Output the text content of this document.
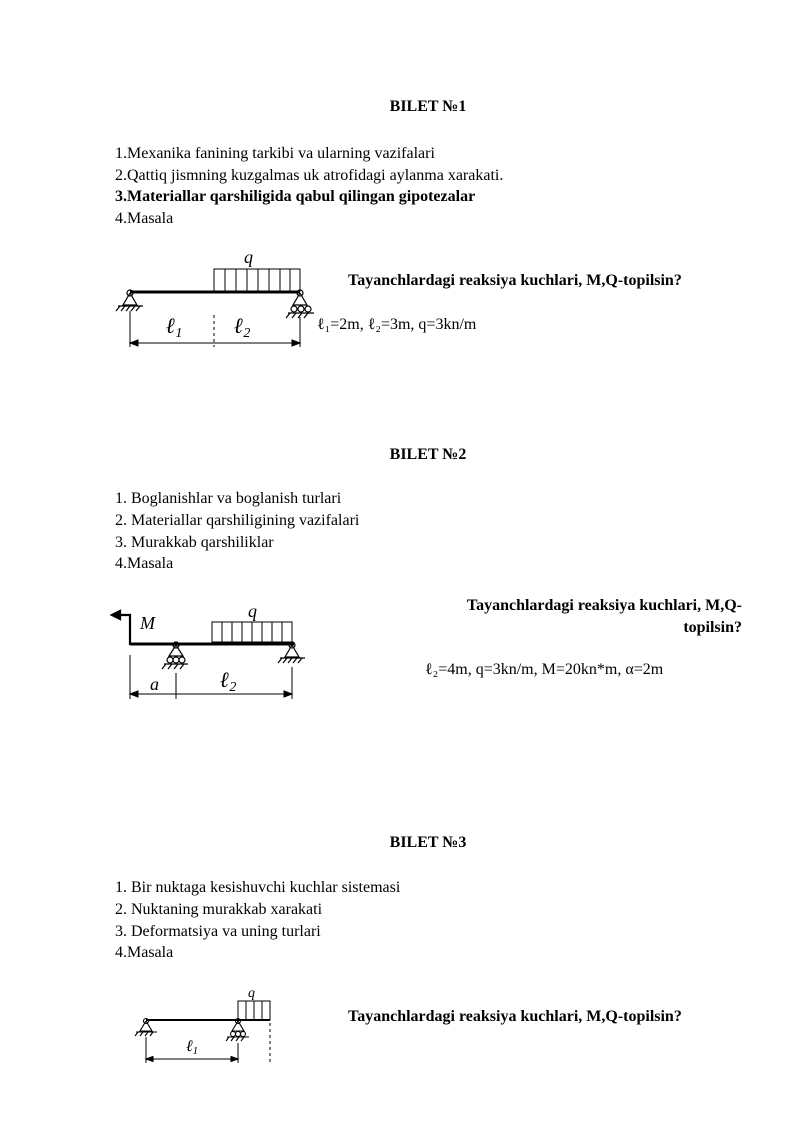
BILET №1
1.Mexanika fanining tarkibi va ularning vazifalari
2.Qattiq jismning kuzgalmas uk atrofidagi aylanma xarakati.
3.Materiallar qarshiligida qabul qilingan gipotezalar
4.Masala
q
ℓ1 ℓ2
Tayanchlardagi reaksiya kuchlari, M,Q-topilsin?
ℓ₁=2m, ℓ₂=3m, q=3kn/m
BILET №2
1. Boglanishlar va boglanish turlari
2. Materiallar qarshiligining vazifalari
3. Murakkab qarshiliklar
4.Masala
M
q
a	ℓ2
Tayanchlardagi reaksiya kuchlari, M,Q-
topilsin?
ℓ₂=4m, q=3kn/m, M=20kn*m, α=2m
BILET №3
1. Bir nuktaga kesishuvchi kuchlar sistemasi
2. Nuktaning murakkab xarakati
3. Deformatsiya va uning turlari
4.Masala
q
ℓ1
Tayanchlardagi reaksiya kuchlari, M,Q-topilsin?
